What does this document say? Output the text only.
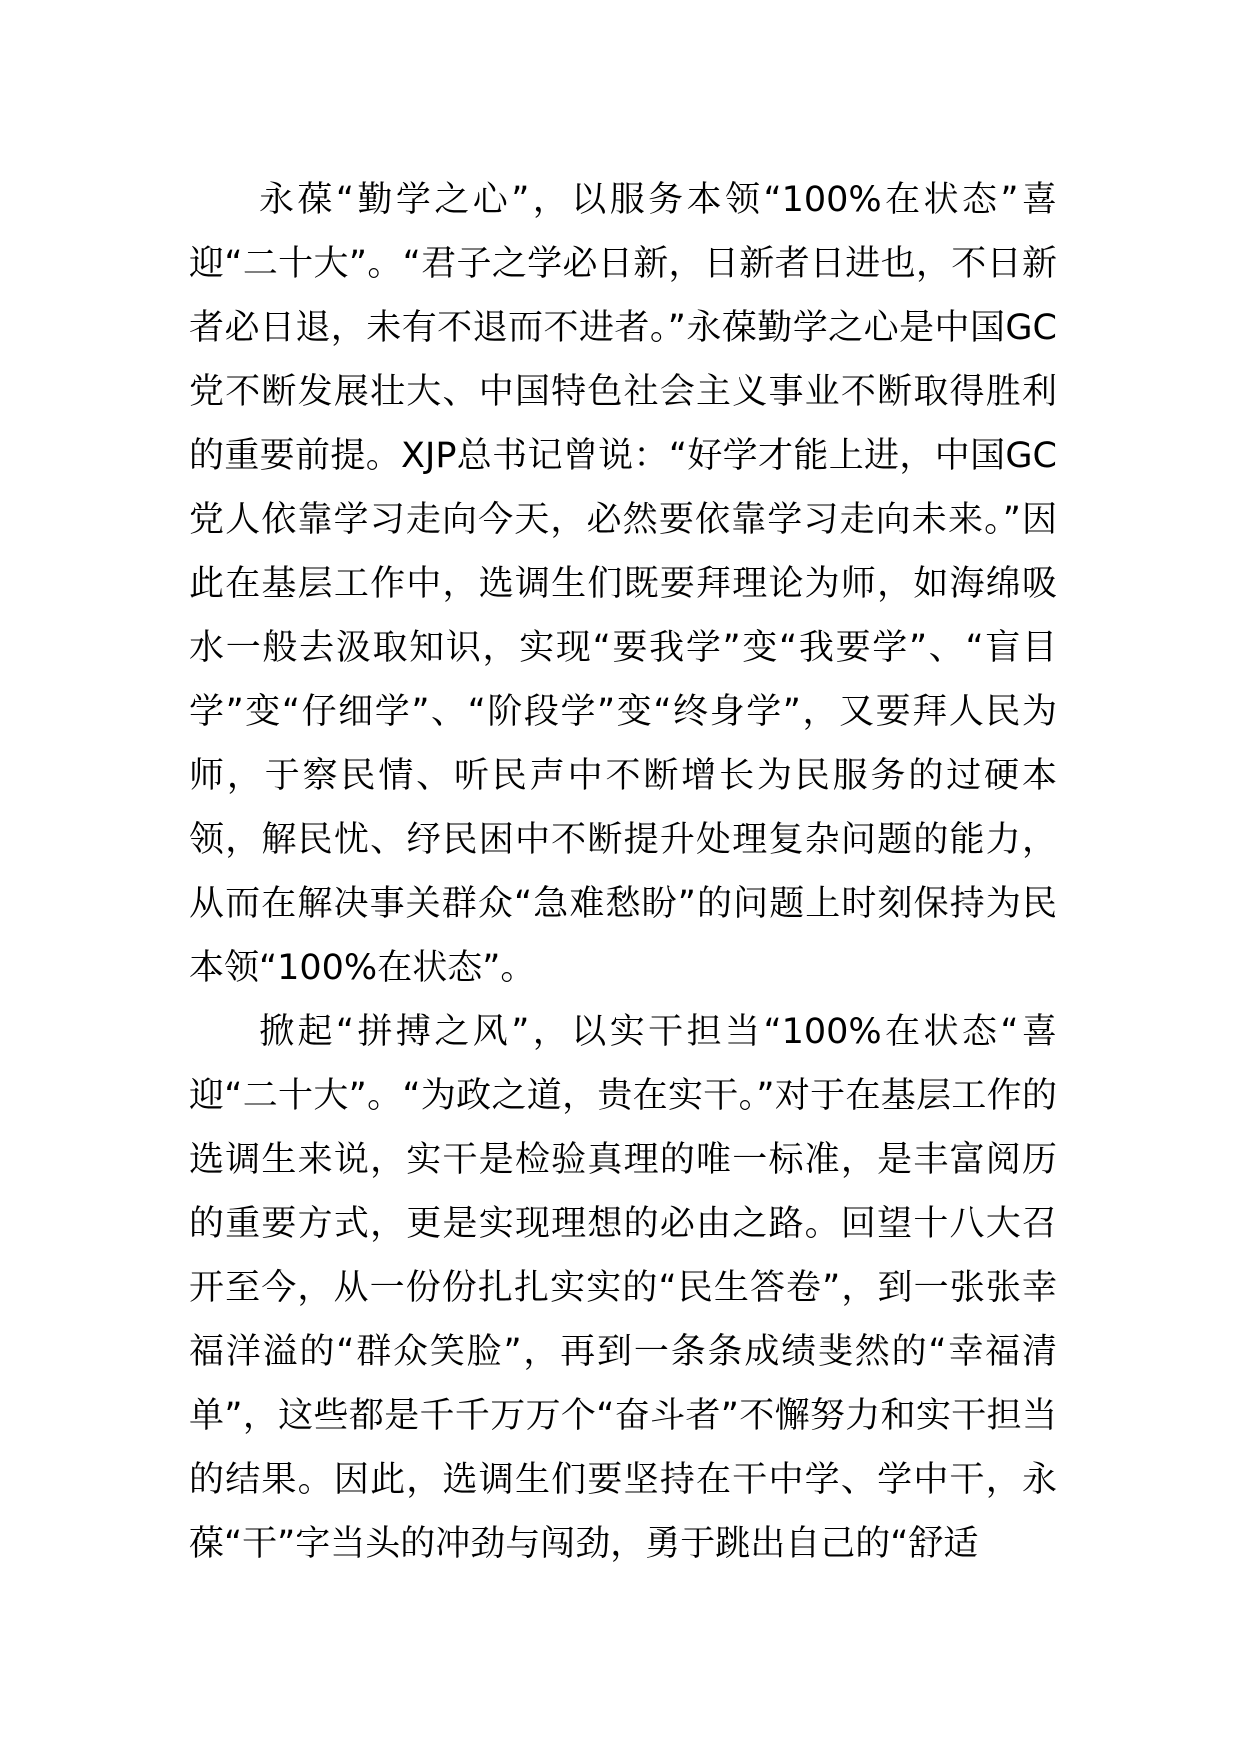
永葆“勤学之心”，以服务本领“100%在状态”喜迎“二十大”。“君子之学必日新，日新者日进也，不日新者必日退，未有不退而不进者。”永葆勤学之心是中国GC党不断发展壮大、中国特色社会主义事业不断取得胜利的重要前提。XJP总书记曾说：“好学才能上进，中国GC党人依靠学习走向今天，必然要依靠学习走向未来。”因此在基层工作中，选调生们既要拜理论为师，如海绵吸水一般去汲取知识，实现“要我学”变“我要学”、“盲目学”变“仔细学”、“阶段学”变“终身学”，又要拜人民为师，于察民情、听民声中不断增长为民服务的过硬本领，解民忧、纾民困中不断提升处理复杂问题的能力，从而在解决事关群众“急难愁盼”的问题上时刻保持为民本领“100%在状态”。

掀起“拼搏之风”，以实干担当“100%在状态“喜迎“二十大”。“为政之道，贵在实干。”对于在基层工作的选调生来说，实干是检验真理的唯一标准，是丰富阅历的重要方式，更是实现理想的必由之路。回望十八大召开至今，从一份份扎扎实实的“民生答卷”，到一张张幸福洋溢的“群众笑脸”，再到一条条成绩斐然的“幸福清单”，这些都是千千万万个“奋斗者”不懈努力和实干担当的结果。因此，选调生们要坚持在干中学、学中干，永葆“干”字当头的冲劲与闯劲，勇于跳出自己的“舒适
